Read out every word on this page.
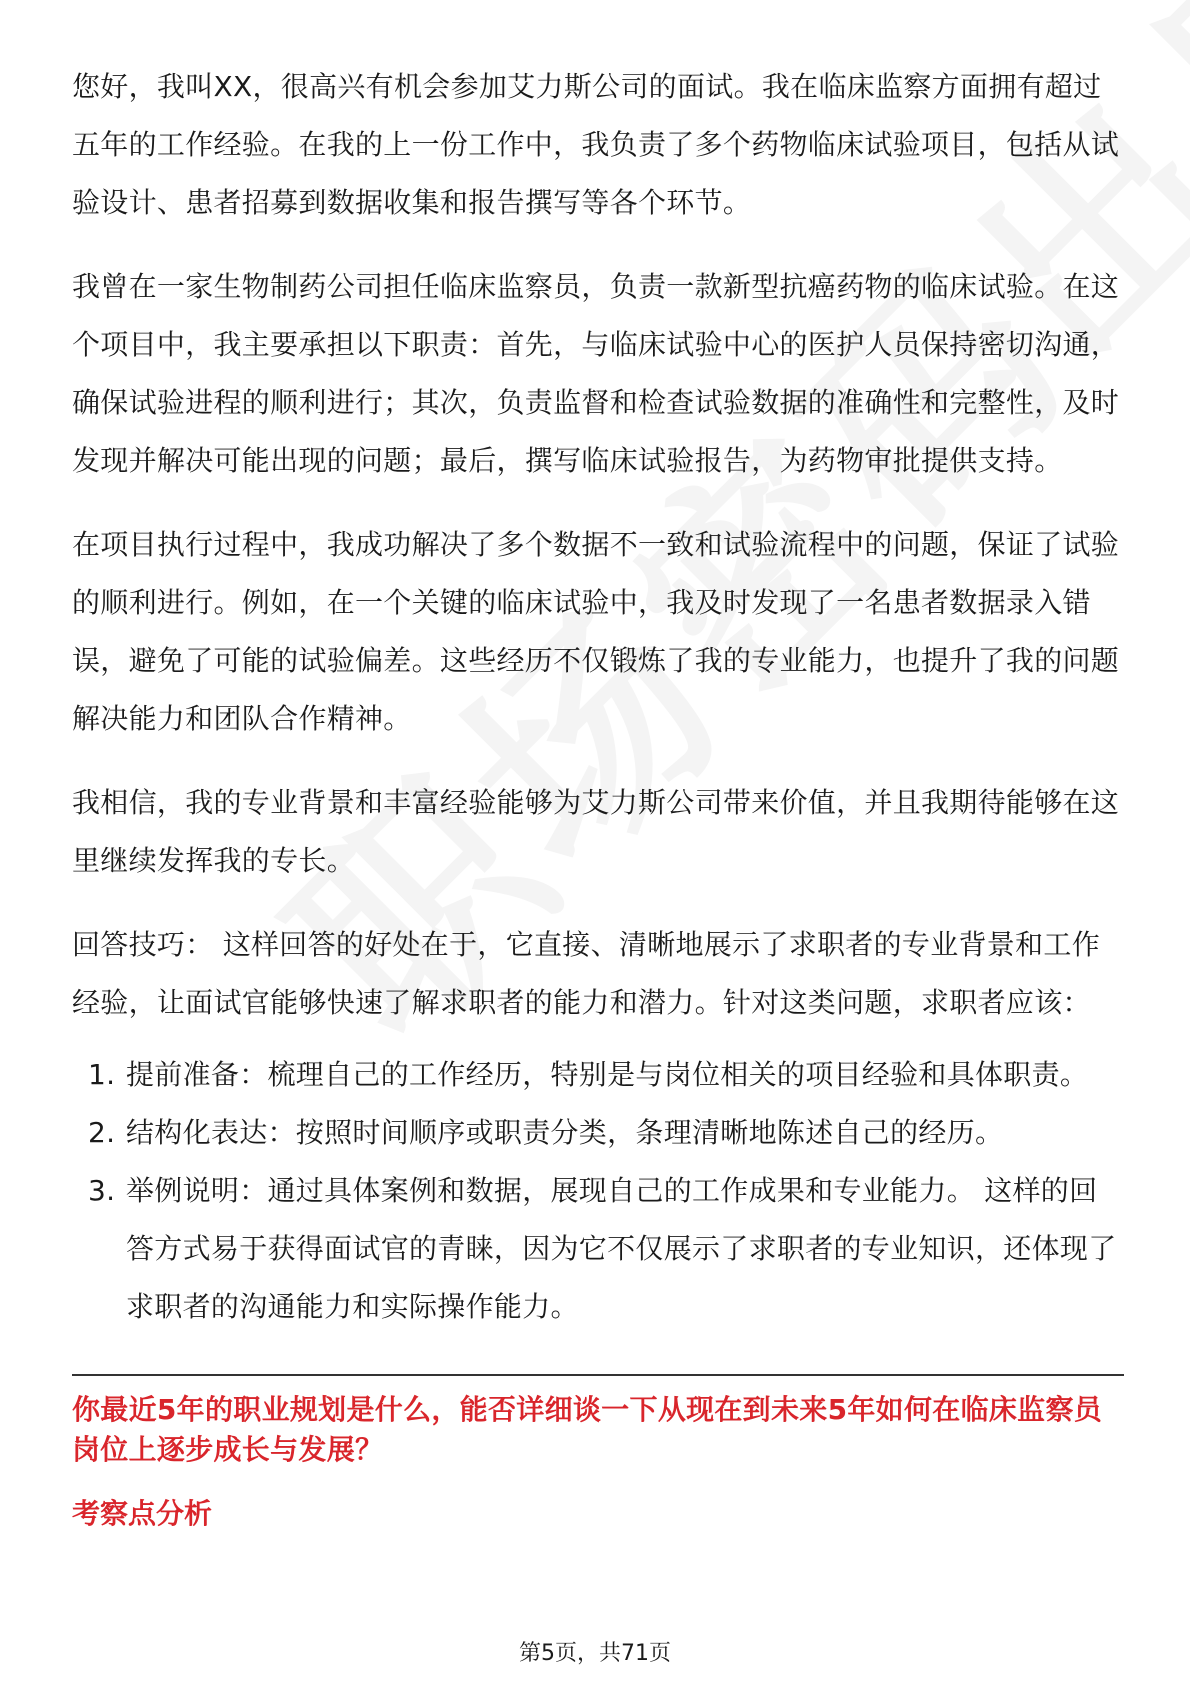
您好，我叫XX，很高兴有机会参加艾力斯公司的面试。我在临床监察方面拥有超过五年的工作经验。在我的上一份工作中，我负责了多个药物临床试验项目，包括从试验设计、患者招募到数据收集和报告撰写等各个环节。

我曾在一家生物制药公司担任临床监察员，负责一款新型抗癌药物的临床试验。在这个项目中，我主要承担以下职责：首先，与临床试验中心的医护人员保持密切沟通，确保试验进程的顺利进行；其次，负责监督和检查试验数据的准确性和完整性，及时发现并解决可能出现的问题；最后，撰写临床试验报告，为药物审批提供支持。

在项目执行过程中，我成功解决了多个数据不一致和试验流程中的问题，保证了试验的顺利进行。例如，在一个关键的临床试验中，我及时发现了一名患者数据录入错误，避免了可能的试验偏差。这些经历不仅锻炼了我的专业能力，也提升了我的问题解决能力和团队合作精神。

我相信，我的专业背景和丰富经验能够为艾力斯公司带来价值，并且我期待能够在这里继续发挥我的专长。

回答技巧： 这样回答的好处在于，它直接、清晰地展示了求职者的专业背景和工作经验，让面试官能够快速了解求职者的能力和潜力。针对这类问题，求职者应该：

1. 提前准备：梳理自己的工作经历，特别是与岗位相关的项目经验和具体职责。
2. 结构化表达：按照时间顺序或职责分类，条理清晰地陈述自己的经历。
3. 举例说明：通过具体案例和数据，展现自己的工作成果和专业能力。 这样的回答方式易于获得面试官的青睐，因为它不仅展示了求职者的专业知识，还体现了求职者的沟通能力和实际操作能力。

你最近5年的职业规划是什么，能否详细谈一下从现在到未来5年如何在临床监察员岗位上逐步成长与发展？

考察点分析

第5页，共71页
